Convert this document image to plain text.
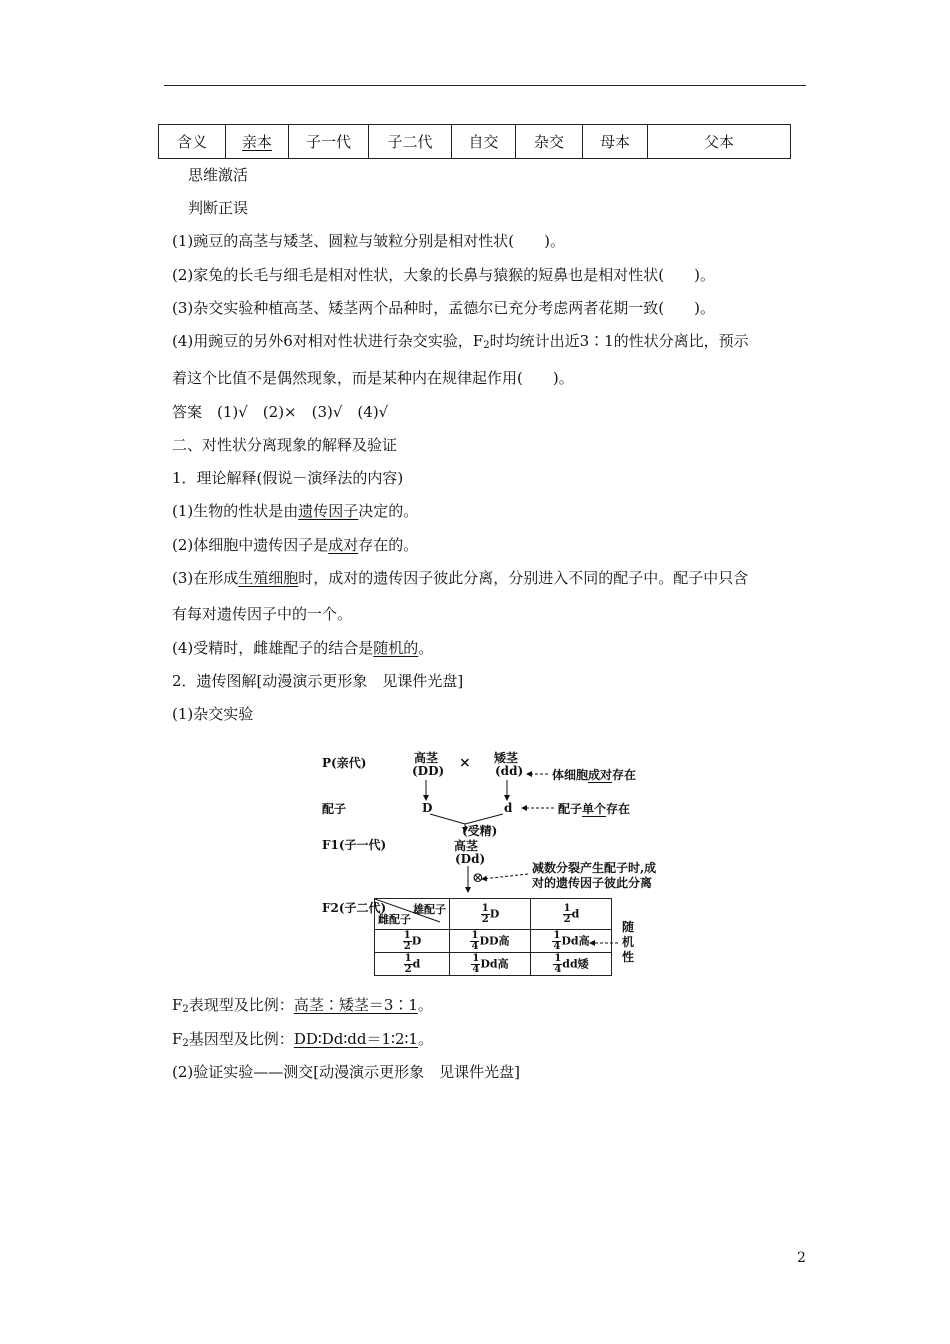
含义	亲本	子一代	子二代	自交	杂交	母本	父本
思维激活
判断正误
(1)豌豆的高茎与矮茎、圆粒与皱粒分别是相对性状(　　)。
(2)家兔的长毛与细毛是相对性状，大象的长鼻与猿猴的短鼻也是相对性状(　　)。
(3)杂交实验种植高茎、矮茎两个品种时，孟德尔已充分考虑两者花期一致(　　)。
(4)用豌豆的另外6对相对性状进行杂交实验，$F_2$时均统计出近3∶1的性状分离比，预示
着这个比值不是偶然现象，而是某种内在规律起作用(　　)。
答案　(1)√　(2)×　(3)√　(4)√
二、对性状分离现象的解释及验证
1．理论解释(假说－演绎法的内容)
(1)生物的性状是由遗传因子决定的。
(2)体细胞中遗传因子是成对存在的。
(3)在形成生殖细胞时，成对的遗传因子彼此分离，分别进入不同的配子中。配子中只含
有每对遗传因子中的一个。
(4)受精时，雌雄配子的结合是随机的。
2．遗传图解[动漫演示更形象　见课件光盘]
(1)杂交实验
P(亲代)	高茎
(DD) × 矮茎
(dd) 体细胞成对存在
配子	D	d	配子单个存在
(受精)
F1(子一代)	高茎
(Dd)
⊗
减数分裂产生配子时,成
对的遗传因子彼此分离
F2(子二代) 雄配子
雌配子	$\frac{1}{2}$ D	$\frac{1}{2}$ d

$\frac{1}{2}$ D	$\frac{1}{4}$ DD高	$\frac{1}{4}$ Dd高

$\frac{1}{2}$ d	$\frac{1}{4}$ Dd高	$\frac{1}{4}$ dd矮
随
机
性
$F_2$表现型及比例：高茎∶矮茎＝3∶1。
$F_2$基因型及比例：DD∶Dd∶dd＝1∶2∶1。
(2)验证实验——测交[动漫演示更形象　见课件光盘]
2
